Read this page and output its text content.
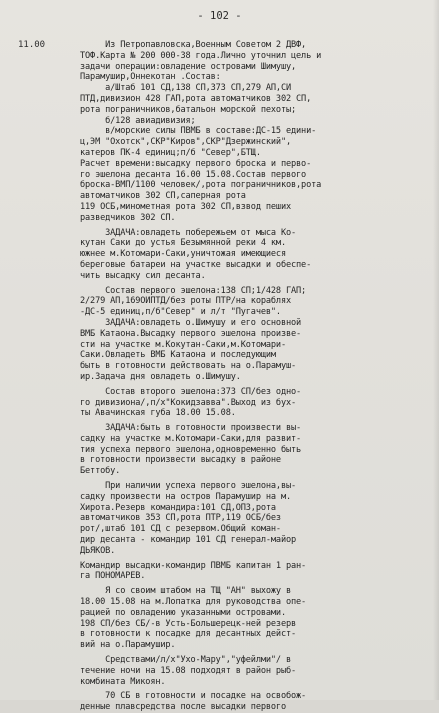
- 102 -
11.00	Из Петропавловска,Военным Советом 2 ДВФ,
ТОФ.Карта № 200 000-38 года.Лично уточнил цель и
задачи операции:овладение островами Шимушу,
Парамушир,Оннекотан .Состав:
а/Штаб 101 СД,138 СП,373 СП,279 АП,СИ
ПТД,дивизион 428 ГАП,рота автоматчиков 302 СП,
рота пограничников,батальон морской пехоты;
б/128 авиадивизия;
в/морские силы ПВМБ в составе:ДС-15 едини-
ц,ЭМ "Охотск",СКР"Киров",СКР"Дзержинский",
катеров ПК-4 единиц;п/б "Север",БТЩ.
Расчет времени:высадку первого броска и перво-
го эшелона десанта 16.00 15.08.Состав первого
броска-ВМП/1100 человек/,рота пограничников,рота
автоматчиков 302 СП,саперная рота
119 ОСБ,минометная рота 302 СП,взвод пеших
разведчиков 302 СП.
ЗАДАЧА:овладеть побережьем от мыса Ко-
кутан Саки до устья Безымянной реки 4 км.
южнее м.Котомари-Саки,уничтожая имеющиеся
береговые батареи на участке высадки и обеспе-
чить высадку сил десанта.
Состав первого эшелона:138 СП;1/428 ГАП;
2/279 АП,169ОИПТД/без роты ПТР/на кораблях
-ДС-5 единиц,п/б"Север" и л/т "Пугачев".
ЗАДАЧА:овладеть о.Шимушу и его основной
ВМБ Катаона.Высадку первого эшелона произве-
сти на участке м.Кокутан-Саки,м.Котомари-
Саки.Овладеть ВМБ Катаона и последующим
быть в готовности действовать на о.Парамуш-
ир.Задача дня овладеть о.Шимушу.
Состав второго эшелона:373 СП/без одно-
го дивизиона/,п/х"Кокидзавва".Выход из бух-
ты Авачинская губа 18.00 15.08.
ЗАДАЧА:быть в готовности произвести вы-
садку на участке м.Котомари-Саки,для развит-
тия успеха первого эшелона,одновременно быть
в готовности произвести высадку в районе
Беттобу.
При наличии успеха первого эшелона,вы-
садку произвести на остров Парамушир на м.
Хирота.Резерв командира:101 СД,ОПЗ,рота
автоматчиков 353 СП,рота ПТР,119 ОСБ/без
рот/,штаб 101 СД с резервом.Общий коман-
дир десанта - командир 101 СД генерал-майор
ДЬЯКОВ.
Командир высадки-командир ПВМБ капитан 1 ран-
га ПОНОМАРЕВ.
Я со своим штабом на ТЩ "АН" выхожу в
18.00 15.08 на м.Лопатка для руководства опе-
рацией по овладению указанными островами.
198 СП/без СБ/-в Усть-Большерецк-ней резерв
в готовности к посадке для десантных дейст-
вий на о.Парамушир.
Средствами/л/х"Ухо-Мару","уфейлми"/ в
течение ночи на 15.08 подходят в район рыб-
комбината Микоян.
70 СБ в готовности и посадке на освобож-
денные плавсредства после высадки первого
